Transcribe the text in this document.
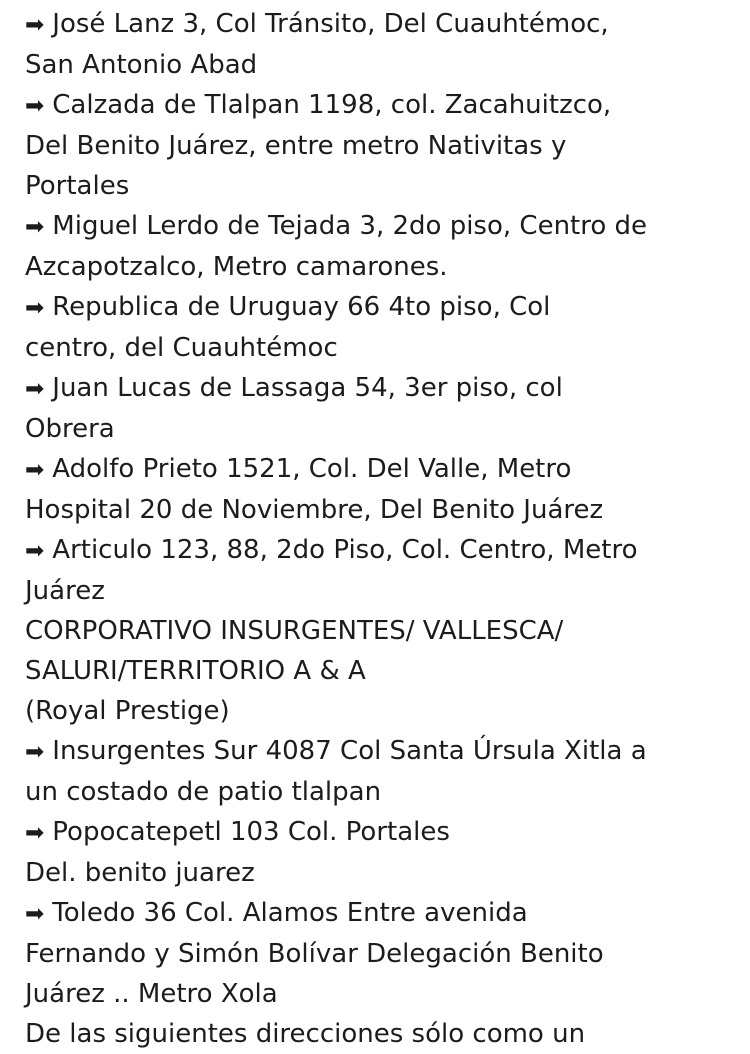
➡ José Lanz 3, Col Tránsito, Del Cuauhtémoc,
San Antonio Abad
➡ Calzada de Tlalpan 1198, col. Zacahuitzco,
Del Benito Juárez, entre metro Nativitas y
Portales
➡ Miguel Lerdo de Tejada 3, 2do piso, Centro de
Azcapotzalco, Metro camarones.
➡ Republica de Uruguay 66 4to piso, Col
centro, del Cuauhtémoc
➡ Juan Lucas de Lassaga 54, 3er piso, col
Obrera
➡ Adolfo Prieto 1521, Col. Del Valle, Metro
Hospital 20 de Noviembre, Del Benito Juárez
➡ Articulo 123, 88, 2do Piso, Col. Centro, Metro
Juárez
CORPORATIVO INSURGENTES/ VALLESCA/
SALURI/TERRITORIO A & A
(Royal Prestige)
➡ Insurgentes Sur 4087 Col Santa Úrsula Xitla a
un costado de patio tlalpan
➡ Popocatepetl 103 Col. Portales
Del. benito juarez
➡ Toledo 36 Col. Alamos Entre avenida
Fernando y Simón Bolívar Delegación Benito
Juárez .. Metro Xola
De las siguientes direcciones sólo como un
